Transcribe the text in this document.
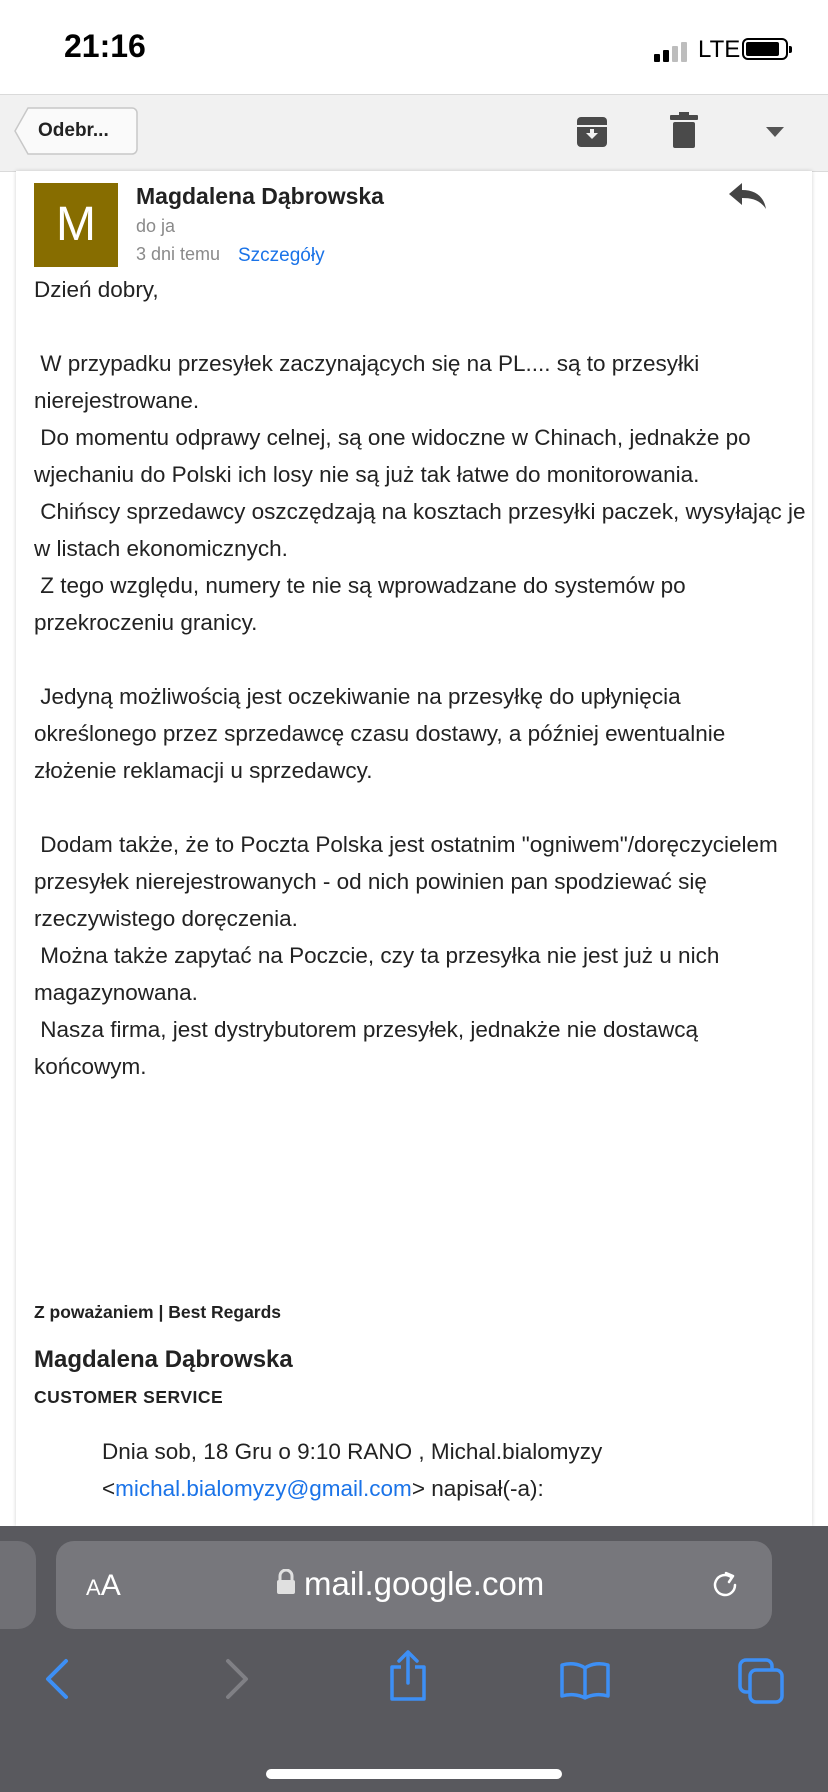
21:16	LTE
Odebr...
M
Magdalena Dąbrowska
do ja
3 dni temu Szczegóły

Dzień dobry,

W przypadku przesyłek zaczynających się na PL.... są to przesyłki nierejestrowane.
Do momentu odprawy celnej, są one widoczne w Chinach, jednakże po wjechaniu do Polski ich losy nie są już tak łatwe do monitorowania.
Chińscy sprzedawcy oszczędzają na kosztach przesyłki paczek, wysyłając je w listach ekonomicznych.
Z tego względu, numery te nie są wprowadzane do systemów po przekroczeniu granicy.

Jedyną możliwością jest oczekiwanie na przesyłkę do upłynięcia określonego przez sprzedawcę czasu dostawy, a później ewentualnie złożenie reklamacji u sprzedawcy.

Dodam także, że to Poczta Polska jest ostatnim "ogniwem"/doręczycielem przesyłek nierejestrowanych - od nich powinien pan spodziewać się rzeczywistego doręczenia.
Można także zapytać na Poczcie, czy ta przesyłka nie jest już u nich magazynowana.
Nasza firma, jest dystrybutorem przesyłek, jednakże nie dostawcą końcowym.

Z poważaniem | Best Regards
Magdalena Dąbrowska
CUSTOMER SERVICE
Dnia sob, 18 Gru o 9:10 RANO , Michal.bialomyzy
<michal.bialomyzy@gmail.com> napisał(-a):
AA	mail.google.com
